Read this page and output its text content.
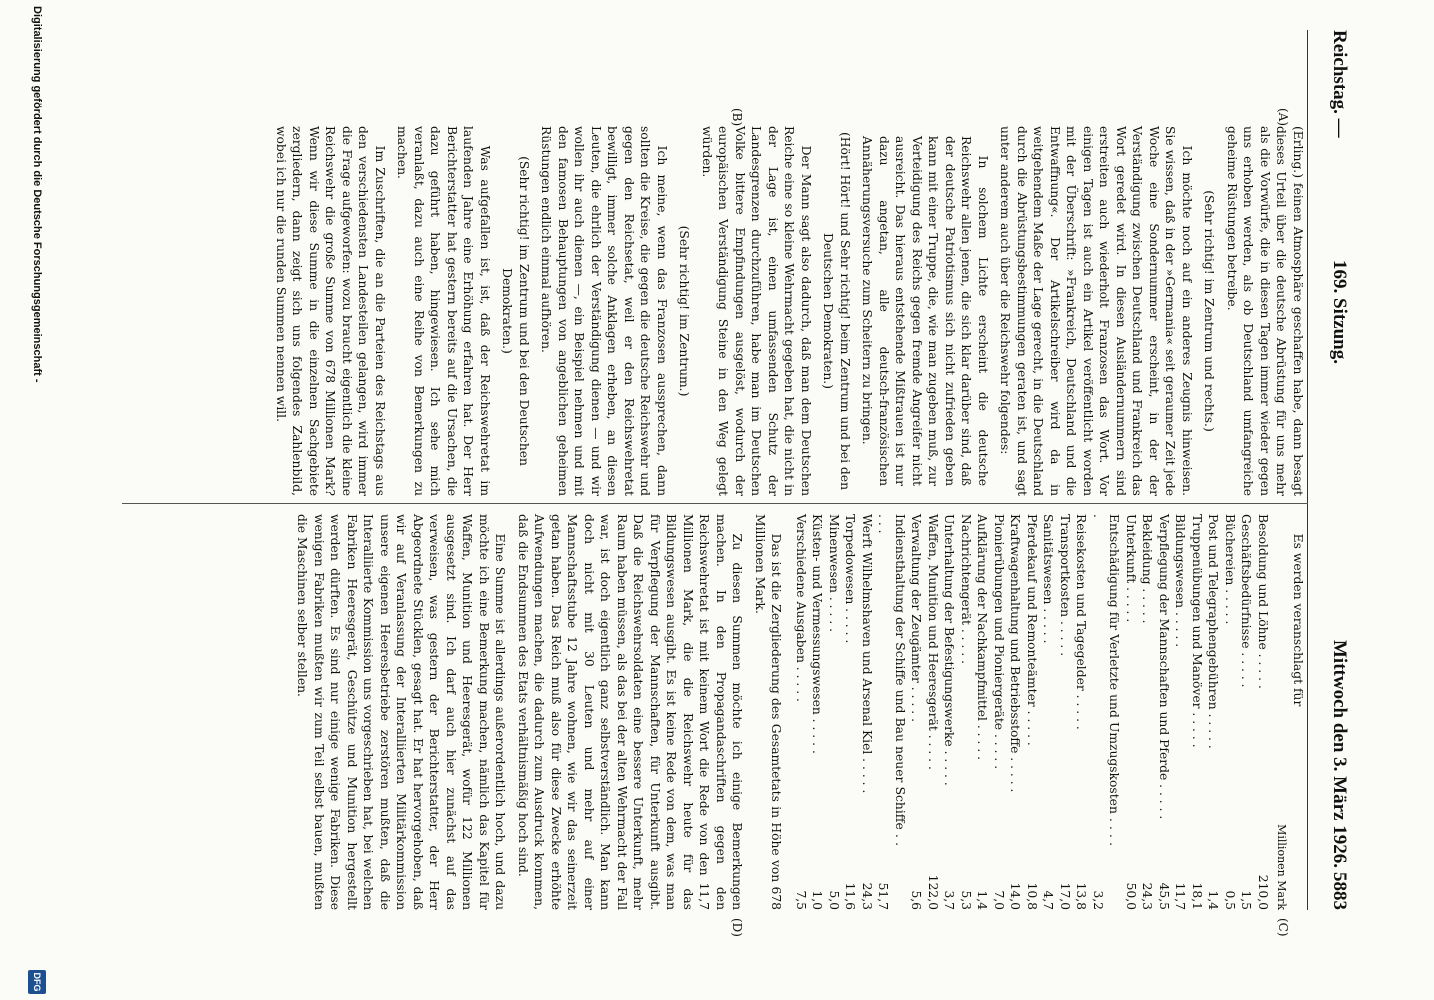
Reichstag. —
169. Sitzung.
Mittwoch den 3. März 1926.
5883
(A)
(B)
(C)
(D)

(Erling.) feinen Atmosphäre geschaffen habe, dann besagt dieses Urteil über die deutsche Abrüstung für uns mehr als die Vorwürfe, die in diesen Tagen immer wieder gegen uns erhoben werden, als ob Deutschland umfangreiche geheime Rüstungen betreibe.

(Sehr richtig! im Zentrum und rechts.)

Ich möchte noch auf ein anderes Zeugnis hinweisen. Sie wissen, daß in der »Germania« seit geraumer Zeit jede Woche eine Sondernummer erscheint, in der der Verständigung zwischen Deutschland und Frankreich das Wort geredet wird. In diesen Ausländernummern sind erstreiten auch wiederholt Franzosen das Wort. Vor einigen Tagen ist auch ein Artikel veröffentlicht worden mit der Überschrift: »Frankreich, Deutschland und die Entwaffnung«. Der Artikelschreiber wird da in weitgehendem Maße der Lage gerecht, in die Deutschland durch die Abrüstungsbestimmungen geraten ist, und sagt unter anderem auch über die Reichswehr folgendes:

In solchem Lichte erscheint die deutsche Reichswehr allen jenen, die sich klar darüber sind, daß der deutsche Patriotismus sich nicht zufrieden geben kann mit einer Truppe, die, wie man zugeben muß, zur Verteidigung des Reichs gegen fremde Angreifer nicht ausreicht. Das hieraus entstehende Mißtrauen ist nur dazu angetan, alle deutsch-französischen Annäherungsversuche zum Scheitern zu bringen.

(Hört! Hört! und Sehr richtig! beim Zentrum und bei den Deutschen Demokraten.)

Der Mann sagt also dadurch, daß man dem Deutschen Reiche eine so kleine Wehrmacht gegeben hat, die nicht in der Lage ist, einen umfassenden Schutz der Landesgrenzen durchzuführen, habe man im Deutschen Volke bittere Empfindungen ausgelöst, wodurch der europäischen Verständigung Steine in den Weg gelegt würden.

(Sehr richtig! im Zentrum.)

Ich meine, wenn das Franzosen aussprechen, dann sollten die Kreise, die gegen die deutsche Reichswehr und gegen den Reichsetat, weil er den Reichswehretat bewilligt, immer solche Anklagen erheben, an diesen Leuten, die ehrlich der Verständigung dienen — und wir wollen ihr auch dienen —, ein Beispiel nehmen und mit den famosen Behauptungen von angeblichen geheimen Rüstungen endlich einmal aufhören.

(Sehr richtig! im Zentrum und bei den Deutschen Demokraten.)

Was aufgefallen ist, ist, daß der Reichswehretat im laufenden Jahre eine Erhöhung erfahren hat. Der Herr Berichterstatter hat gestern bereits auf die Ursachen, die dazu geführt haben, hingewiesen. Ich sehe mich veranlaßt, dazu auch eine Reihe von Bemerkungen zu machen.

Im Zuschriften, die an die Parteien des Reichstags aus den verschiedensten Landesteilen gelangen, wird immer die Frage aufgeworfen: wozu braucht eigentlich die kleine Reichswehr die große Summe von 678 Millionen Mark? Wenn wir diese Summe in die einzelnen Sachgebiete zergliedern, dann zeigt sich uns folgendes Zahlenbild, wobei ich nur die runden Summen nennen will.

Es werden veranschlagt für

Millionen Mark
Besoldung und Löhne . . . . .	210,0
Geschäftsbedürfnisse . . . . .	1,5
Büchereien . . . . .	0,5
Post und Telegraphengebühren . . . . .	1,4
Truppenübungen und Manöver . . . . .	18,1
Bildungswesen . . . . .	11,7
Verpflegung der Mannschaften und Pferde . . . . .	45,5
Bekleidung . . . . .	24,3
Unterkunft . . . . .	50,0
Entschädigung für Verletzte und Umzugskosten . . . . .	3,2
Reisekosten und Tagegelder . . . . .	13,8
Transportkosten . . . . .	17,0
Sanitätswesen . . . . .	4,7
Pferdekauf und Remonteämter . . . . .	10,8
Kraftwagenhaltung und Betriebsstoffe . . . . .	14,0
Pionierübungen und Pioniergeräte . . . . .	7,0
Aufklärung der Nachkampfmittel . . . . .	1,4
Nachrichtengerät . . . . .	5,3
Unterhaltung der Befestigungswerke . . . . .	3,7
Waffen, Munition und Heeresgerät . . . . .	122,0
Verwaltung der Zeugämter . . . . .	5,6
Indiensthaltung der Schiffe und Bau neuer Schiffe . . . . .	51,7
Werft Wilhelmshaven und Arsenal Kiel . . . . .	24,3
Torpedowesen . . . . .	11,6
Minenwesen . . . . .	5,0
Küsten- und Vermessungswesen . . . . .	1,0
Verschiedene Ausgaben . . . . .	7,5

Das ist die Zergliederung des Gesamtetats in Höhe von 678 Millionen Mark.

Zu diesen Summen möchte ich einige Bemerkungen machen. In den Propagandaschriften gegen den Reichswehretat ist mit keinem Wort die Rede von den 11,7 Millionen Mark, die die Reichswehr heute für das Bildungswesen ausgibt. Es ist keine Rede von dem, was man für Verpflegung der Mannschaften, für Unterkunft ausgibt. Daß die Reichswehrsoldaten eine bessere Unterkunft, mehr Raum haben müssen, als das bei der alten Wehrmacht der Fall war, ist doch eigentlich ganz selbstverständlich. Man kann doch nicht mit 30 Leuten und mehr auf einer Mannschaftsstube 12 Jahre wohnen, wie wir das seinerzeit getan haben. Das Reich muß also für diese Zwecke erhöhte Aufwendungen machen, die dadurch zum Ausdruck kommen, daß die Endsummen des Etats verhältnismäßig hoch sind.

Eine Summe ist allerdings außerordentlich hoch, und dazu möchte ich eine Bemerkung machen, nämlich das Kapitel für Waffen, Munition und Heeresgerät, wofür 122 Millionen ausgesetzt sind. Ich darf auch hier zunächst auf das verweisen, was gestern der Berichterstatter, der Herr Abgeordnete Stücklen, gesagt hat. Er hat hervorgehoben, daß wir auf Veranlassung der Interalliierten Militärkommission unsere eigenen Heeresbetriebe zerstören mußten, daß die Interalliierte Kommission uns vorgeschrieben hat, bei welchen Fabriken Heeresgerät, Geschütze und Munition hergestellt werden dürften. Es sind nur einige wenige Fabriken. Diese wenigen Fabriken mußten wir zum Teil selbst bauen, mußten die Maschinen selber stellen.

Digitalisierung gefördert durch die Deutsche Forschungsgemeinschaft -
DFG
